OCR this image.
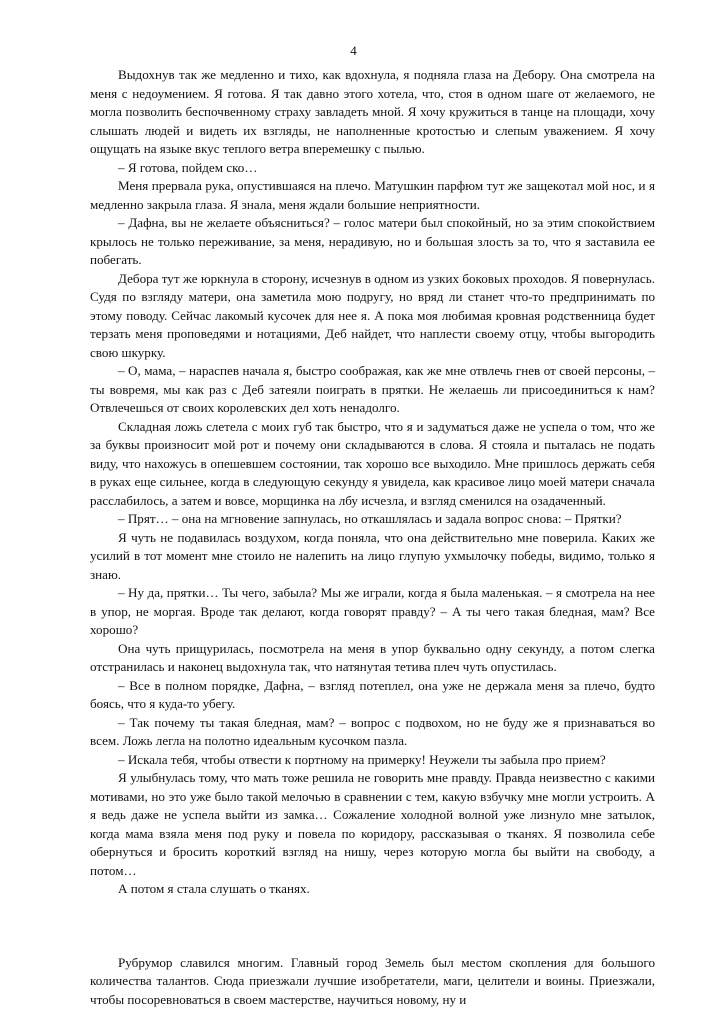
4

Выдохнув так же медленно и тихо, как вдохнула, я подняла глаза на Дебору. Она смотрела на меня с недоумением. Я готова. Я так давно этого хотела, что, стоя в одном шаге от желаемого, не могла позволить беспочвенному страху завладеть мной. Я хочу кружиться в танце на площади, хочу слышать людей и видеть их взгляды, не наполненные кротостью и слепым уважением. Я хочу ощущать на языке вкус теплого ветра вперемешку с пылью.

– Я готова, пойдем ско…

Меня прервала рука, опустившаяся на плечо. Матушкин парфюм тут же защекотал мой нос, и я медленно закрыла глаза. Я знала, меня ждали большие неприятности.

– Дафна, вы не желаете объясниться? – голос матери был спокойный, но за этим спокойствием крылось не только переживание, за меня, нерадивую, но и большая злость за то, что я заставила ее побегать.

Дебора тут же юркнула в сторону, исчезнув в одном из узких боковых проходов. Я повернулась. Судя по взгляду матери, она заметила мою подругу, но вряд ли станет что-то предпринимать по этому поводу. Сейчас лакомый кусочек для нее я. А пока моя любимая кровная родственница будет терзать меня проповедями и нотациями, Деб найдет, что наплести своему отцу, чтобы выгородить свою шкурку.

– О, мама, – нараспев начала я, быстро соображая, как же мне отвлечь гнев от своей персоны, – ты вовремя, мы как раз с Деб затеяли поиграть в прятки. Не желаешь ли присоединиться к нам? Отвлечешься от своих королевских дел хоть ненадолго.

Складная ложь слетела с моих губ так быстро, что я и задуматься даже не успела о том, что же за буквы произносит мой рот и почему они складываются в слова. Я стояла и пыталась не подать виду, что нахожусь в опешевшем состоянии, так хорошо все выходило. Мне пришлось держать себя в руках еще сильнее, когда в следующую секунду я увидела, как красивое лицо моей матери сначала расслабилось, а затем и вовсе, морщинка на лбу исчезла, и взгляд сменился на озадаченный.

– Прят… – она на мгновение запнулась, но откашлялась и задала вопрос снова: – Прятки?

Я чуть не подавилась воздухом, когда поняла, что она действительно мне поверила. Каких же усилий в тот момент мне стоило не налепить на лицо глупую ухмылочку победы, видимо, только я знаю.

– Ну да, прятки… Ты чего, забыла? Мы же играли, когда я была маленькая. – я смотрела на нее в упор, не моргая. Вроде так делают, когда говорят правду? – А ты чего такая бледная, мам? Все хорошо?

Она чуть прищурилась, посмотрела на меня в упор буквально одну секунду, а потом слегка отстранилась и наконец выдохнула так, что натянутая тетива плеч чуть опустилась.

– Все в полном порядке, Дафна, – взгляд потеплел, она уже не держала меня за плечо, будто боясь, что я куда-то убегу.

– Так почему ты такая бледная, мам? – вопрос с подвохом, но не буду же я признаваться во всем. Ложь легла на полотно идеальным кусочком пазла.

– Искала тебя, чтобы отвести к портному на примерку! Неужели ты забыла про прием?

Я улыбнулась тому, что мать тоже решила не говорить мне правду. Правда неизвестно с какими мотивами, но это уже было такой мелочью в сравнении с тем, какую взбучку мне могли устроить. А я ведь даже не успела выйти из замка… Сожаление холодной волной уже лизнуло мне затылок, когда мама взяла меня под руку и повела по коридору, рассказывая о тканях. Я позволила себе обернуться и бросить короткий взгляд на нишу, через которую могла бы выйти на свободу, а потом…

А потом я стала слушать о тканях.

Рубрумор славился многим. Главный город Земель был местом скопления для большого количества талантов. Сюда приезжали лучшие изобретатели, маги, целители и воины. Приезжали, чтобы посоревноваться в своем мастерстве, научиться новому, ну и
